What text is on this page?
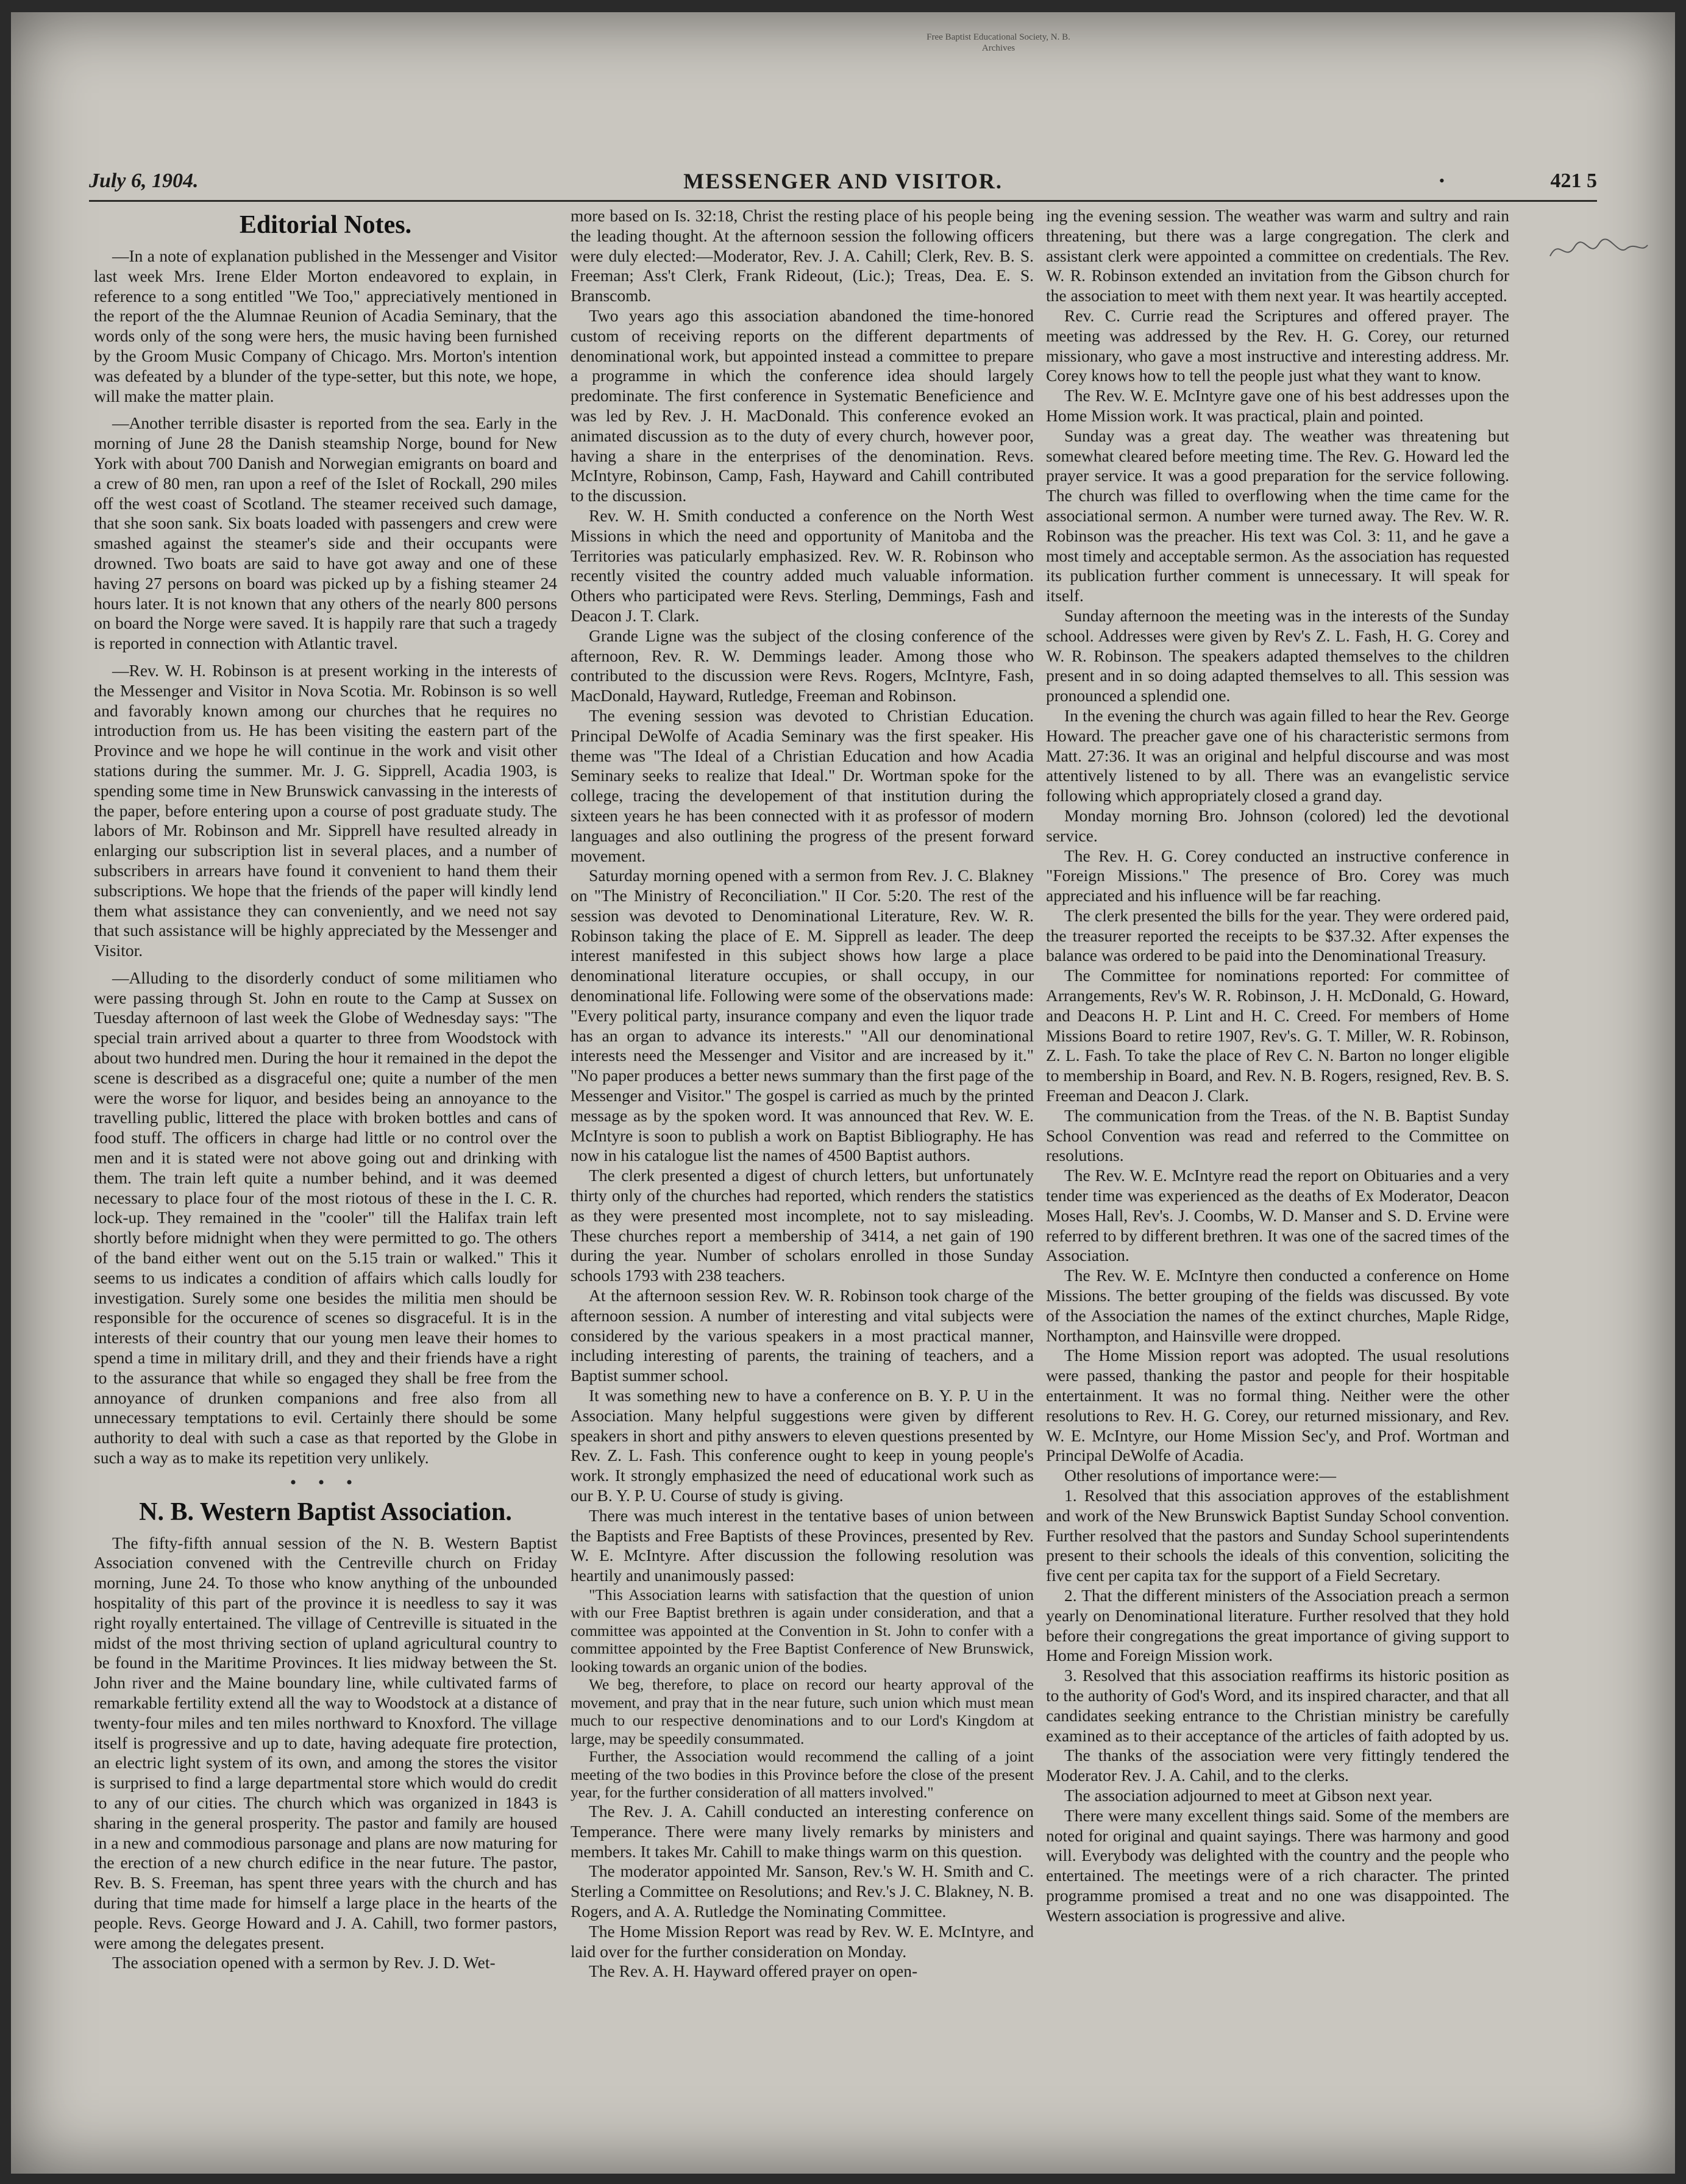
Free Baptist Educational Society, N. B. Archives
July 6, 1904.	MESSENGER AND VISITOR.	•	421 5
Editorial Notes.

—In a note of explanation published in the Messenger and Visitor last week Mrs. Irene Elder Morton endeavored to explain, in reference to a song entitled "We Too," appreciatively mentioned in the report of the the Alumnae Reunion of Acadia Seminary, that the words only of the song were hers, the music having been furnished by the Groom Music Company of Chicago. Mrs. Morton's intention was defeated by a blunder of the type-setter, but this note, we hope, will make the matter plain.

—Another terrible disaster is reported from the sea. Early in the morning of June 28 the Danish steamship Norge, bound for New York with about 700 Danish and Norwegian emigrants on board and a crew of 80 men, ran upon a reef of the Islet of Rockall, 290 miles off the west coast of Scotland. The steamer received such damage, that she soon sank. Six boats loaded with passengers and crew were smashed against the steamer's side and their occupants were drowned. Two boats are said to have got away and one of these having 27 persons on board was picked up by a fishing steamer 24 hours later. It is not known that any others of the nearly 800 persons on board the Norge were saved. It is happily rare that such a tragedy is reported in connection with Atlantic travel.

—Rev. W. H. Robinson is at present working in the interests of the Messenger and Visitor in Nova Scotia. Mr. Robinson is so well and favorably known among our churches that he requires no introduction from us. He has been visiting the eastern part of the Province and we hope he will continue in the work and visit other stations during the summer. Mr. J. G. Sipprell, Acadia 1903, is spending some time in New Brunswick canvassing in the interests of the paper, before entering upon a course of post graduate study. The labors of Mr. Robinson and Mr. Sipprell have resulted already in enlarging our subscription list in several places, and a number of subscribers in arrears have found it convenient to hand them their subscriptions. We hope that the friends of the paper will kindly lend them what assistance they can conveniently, and we need not say that such assistance will be highly appreciated by the Messenger and Visitor.

—Alluding to the disorderly conduct of some militiamen who were passing through St. John en route to the Camp at Sussex on Tuesday afternoon of last week the Globe of Wednesday says: "The special train arrived about a quarter to three from Woodstock with about two hundred men. During the hour it remained in the depot the scene is described as a disgraceful one; quite a number of the men were the worse for liquor, and besides being an annoyance to the travelling public, littered the place with broken bottles and cans of food stuff. The officers in charge had little or no control over the men and it is stated were not above going out and drinking with them. The train left quite a number behind, and it was deemed necessary to place four of the most riotous of these in the I. C. R. lock-up. They remained in the "cooler" till the Halifax train left shortly before midnight when they were permitted to go. The others of the band either went out on the 5.15 train or walked." This it seems to us indicates a condition of affairs which calls loudly for investigation. Surely some one besides the militia men should be responsible for the occurence of scenes so disgraceful. It is in the interests of their country that our young men leave their homes to spend a time in military drill, and they and their friends have a right to the assurance that while so engaged they shall be free from the annoyance of drunken companions and free also from all unnecessary temptations to evil. Certainly there should be some authority to deal with such a case as that reported by the Globe in such a way as to make its repetition very unlikely.

• • •
N. B. Western Baptist Association.

The fifty-fifth annual session of the N. B. Western Baptist Association convened with the Centreville church on Friday morning, June 24. To those who know anything of the unbounded hospitality of this part of the province it is needless to say it was right royally entertained. The village of Centreville is situated in the midst of the most thriving section of upland agricultural country to be found in the Maritime Provinces. It lies midway between the St. John river and the Maine boundary line, while cultivated farms of remarkable fertility extend all the way to Woodstock at a distance of twenty-four miles and ten miles northward to Knoxford. The village itself is progressive and up to date, having adequate fire protection, an electric light system of its own, and among the stores the visitor is surprised to find a large departmental store which would do credit to any of our cities. The church which was organized in 1843 is sharing in the general prosperity. The pastor and family are housed in a new and commodious parsonage and plans are now maturing for the erection of a new church edifice in the near future. The pastor, Rev. B. S. Freeman, has spent three years with the church and has during that time made for himself a large place in the hearts of the people. Revs. George Howard and J. A. Cahill, two former pastors, were among the delegates present.

The association opened with a sermon by Rev. J. D. Wet-

more based on Is. 32:18, Christ the resting place of his people being the leading thought. At the afternoon session the following officers were duly elected:—Moderator, Rev. J. A. Cahill; Clerk, Rev. B. S. Freeman; Ass't Clerk, Frank Rideout, (Lic.); Treas, Dea. E. S. Branscomb.

Two years ago this association abandoned the time-honored custom of receiving reports on the different departments of denominational work, but appointed instead a committee to prepare a programme in which the conference idea should largely predominate. The first conference in Systematic Beneficience and was led by Rev. J. H. MacDonald. This conference evoked an animated discussion as to the duty of every church, however poor, having a share in the enterprises of the denomination. Revs. McIntyre, Robinson, Camp, Fash, Hayward and Cahill contributed to the discussion.

Rev. W. H. Smith conducted a conference on the North West Missions in which the need and opportunity of Manitoba and the Territories was paticularly emphasized. Rev. W. R. Robinson who recently visited the country added much valuable information. Others who participated were Revs. Sterling, Demmings, Fash and Deacon J. T. Clark.

Grande Ligne was the subject of the closing conference of the afternoon, Rev. R. W. Demmings leader. Among those who contributed to the discussion were Revs. Rogers, McIntyre, Fash, MacDonald, Hayward, Rutledge, Freeman and Robinson.

The evening session was devoted to Christian Education. Principal DeWolfe of Acadia Seminary was the first speaker. His theme was "The Ideal of a Christian Education and how Acadia Seminary seeks to realize that Ideal." Dr. Wortman spoke for the college, tracing the developement of that institution during the sixteen years he has been connected with it as professor of modern languages and also outlining the progress of the present forward movement.

Saturday morning opened with a sermon from Rev. J. C. Blakney on "The Ministry of Reconciliation." II Cor. 5:20. The rest of the session was devoted to Denominational Literature, Rev. W. R. Robinson taking the place of E. M. Sipprell as leader. The deep interest manifested in this subject shows how large a place denominational literature occupies, or shall occupy, in our denominational life. Following were some of the observations made: "Every political party, insurance company and even the liquor trade has an organ to advance its interests." "All our denominational interests need the Messenger and Visitor and are increased by it." "No paper produces a better news summary than the first page of the Messenger and Visitor." The gospel is carried as much by the printed message as by the spoken word. It was announced that Rev. W. E. McIntyre is soon to publish a work on Baptist Bibliography. He has now in his catalogue list the names of 4500 Baptist authors.

The clerk presented a digest of church letters, but unfortunately thirty only of the churches had reported, which renders the statistics as they were presented most incomplete, not to say misleading. These churches report a membership of 3414, a net gain of 190 during the year. Number of scholars enrolled in those Sunday schools 1793 with 238 teachers.

At the afternoon session Rev. W. R. Robinson took charge of the afternoon session. A number of interesting and vital subjects were considered by the various speakers in a most practical manner, including interesting of parents, the training of teachers, and a Baptist summer school.

It was something new to have a conference on B. Y. P. U in the Association. Many helpful suggestions were given by different speakers in short and pithy answers to eleven questions presented by Rev. Z. L. Fash. This conference ought to keep in young people's work. It strongly emphasized the need of educational work such as our B. Y. P. U. Course of study is giving.

There was much interest in the tentative bases of union between the Baptists and Free Baptists of these Provinces, presented by Rev. W. E. McIntyre. After discussion the following resolution was heartily and unanimously passed:

"This Association learns with satisfaction that the question of union with our Free Baptist brethren is again under consideration, and that a committee was appointed at the Convention in St. John to confer with a committee appointed by the Free Baptist Conference of New Brunswick, looking towards an organic union of the bodies.

We beg, therefore, to place on record our hearty approval of the movement, and pray that in the near future, such union which must mean much to our respective denominations and to our Lord's Kingdom at large, may be speedily consummated.

Further, the Association would recommend the calling of a joint meeting of the two bodies in this Province before the close of the present year, for the further consideration of all matters involved."

The Rev. J. A. Cahill conducted an interesting conference on Temperance. There were many lively remarks by ministers and members. It takes Mr. Cahill to make things warm on this question.

The moderator appointed Mr. Sanson, Rev.'s W. H. Smith and C. Sterling a Committee on Resolutions; and Rev.'s J. C. Blakney, N. B. Rogers, and A. A. Rutledge the Nominating Committee.

The Home Mission Report was read by Rev. W. E. McIntyre, and laid over for the further consideration on Monday.

The Rev. A. H. Hayward offered prayer on open-

ing the evening session. The weather was warm and sultry and rain threatening, but there was a large congregation. The clerk and assistant clerk were appointed a committee on credentials. The Rev. W. R. Robinson extended an invitation from the Gibson church for the association to meet with them next year. It was heartily accepted.

Rev. C. Currie read the Scriptures and offered prayer. The meeting was addressed by the Rev. H. G. Corey, our returned missionary, who gave a most instructive and interesting address. Mr. Corey knows how to tell the people just what they want to know.

The Rev. W. E. McIntyre gave one of his best addresses upon the Home Mission work. It was practical, plain and pointed.

Sunday was a great day. The weather was threatening but somewhat cleared before meeting time. The Rev. G. Howard led the prayer service. It was a good preparation for the service following. The church was filled to overflowing when the time came for the associational sermon. A number were turned away. The Rev. W. R. Robinson was the preacher. His text was Col. 3: 11, and he gave a most timely and acceptable sermon. As the association has requested its publication further comment is unnecessary. It will speak for itself.

Sunday afternoon the meeting was in the interests of the Sunday school. Addresses were given by Rev's Z. L. Fash, H. G. Corey and W. R. Robinson. The speakers adapted themselves to the children present and in so doing adapted themselves to all. This session was pronounced a splendid one.

In the evening the church was again filled to hear the Rev. George Howard. The preacher gave one of his characteristic sermons from Matt. 27:36. It was an original and helpful discourse and was most attentively listened to by all. There was an evangelistic service following which appropriately closed a grand day.

Monday morning Bro. Johnson (colored) led the devotional service.

The Rev. H. G. Corey conducted an instructive conference in "Foreign Missions." The presence of Bro. Corey was much appreciated and his influence will be far reaching.

The clerk presented the bills for the year. They were ordered paid, the treasurer reported the receipts to be $37.32. After expenses the balance was ordered to be paid into the Denominational Treasury.

The Committee for nominations reported: For committee of Arrangements, Rev's W. R. Robinson, J. H. McDonald, G. Howard, and Deacons H. P. Lint and H. C. Creed. For members of Home Missions Board to retire 1907, Rev's. G. T. Miller, W. R. Robinson, Z. L. Fash. To take the place of Rev C. N. Barton no longer eligible to membership in Board, and Rev. N. B. Rogers, resigned, Rev. B. S. Freeman and Deacon J. Clark.

The communication from the Treas. of the N. B. Baptist Sunday School Convention was read and referred to the Committee on resolutions.

The Rev. W. E. McIntyre read the report on Obituaries and a very tender time was experienced as the deaths of Ex Moderator, Deacon Moses Hall, Rev's. J. Coombs, W. D. Manser and S. D. Ervine were referred to by different brethren. It was one of the sacred times of the Association.

The Rev. W. E. McIntyre then conducted a conference on Home Missions. The better grouping of the fields was discussed. By vote of the Association the names of the extinct churches, Maple Ridge, Northampton, and Hainsville were dropped.

The Home Mission report was adopted. The usual resolutions were passed, thanking the pastor and people for their hospitable entertainment. It was no formal thing. Neither were the other resolutions to Rev. H. G. Corey, our returned missionary, and Rev. W. E. McIntyre, our Home Mission Sec'y, and Prof. Wortman and Principal DeWolfe of Acadia.

Other resolutions of importance were:—

1. Resolved that this association approves of the establishment and work of the New Brunswick Baptist Sunday School convention. Further resolved that the pastors and Sunday School superintendents present to their schools the ideals of this convention, soliciting the five cent per capita tax for the support of a Field Secretary.

2. That the different ministers of the Association preach a sermon yearly on Denominational literature. Further resolved that they hold before their congregations the great importance of giving support to Home and Foreign Mission work.

3. Resolved that this association reaffirms its historic position as to the authority of God's Word, and its inspired character, and that all candidates seeking entrance to the Christian ministry be carefully examined as to their acceptance of the articles of faith adopted by us.

The thanks of the association were very fittingly tendered the Moderator Rev. J. A. Cahil, and to the clerks.

The association adjourned to meet at Gibson next year.

There were many excellent things said. Some of the members are noted for original and quaint sayings. There was harmony and good will. Everybody was delighted with the country and the people who entertained. The meetings were of a rich character. The printed programme promised a treat and no one was disappointed. The Western association is progressive and alive.
